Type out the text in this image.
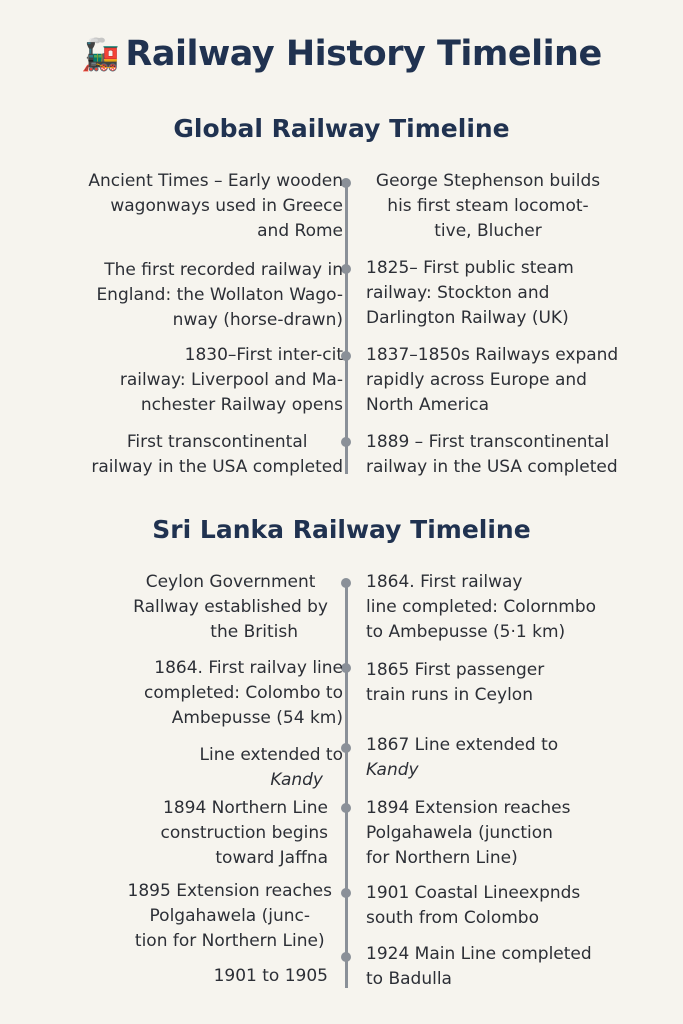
🚂 Railway History Timeline
Global Railway Timeline
Ancient Times – Early wooden
wagonways used in Greece
and Rome
The first recorded railway in
England: the Wollaton Wago-
nway (horse-drawn)
1830–First inter-cit
railway: Liverpool and Ma-
nchester Railway opens
First transcontinental
railway in the USA completed
George Stephenson builds
his first steam locomot-
tive, Blucher
1825– First public steam
railway: Stockton and
Darlington Railway (UK)
1837–1850s Railways expand
rapidly across Europe and
North America
1889 – First transcontinental
railway in the USA completed
Sri Lanka Railway Timeline
Ceylon Government
Rallway established by
the British
1864. First railvay line
completed: Colombo to
Ambepusse (54 km)
Line extended to
Kandy
1894 Northern Line
construction begins
toward Jaffna
1895 Extension reaches
Polgahawela (junc-
tion for Northern Line)
1901 to 1905
1864. First railway
line completed: Colornmbo
to Ambepusse (5·1 km)
1865 First passenger
train runs in Ceylon
1867 Line extended to
Kandy
1894 Extension reaches
Polgahawela (junction
for Northern Line)
1901 Coastal Lineexpnds
south from Colombo
1924 Main Line completed
to Badulla
